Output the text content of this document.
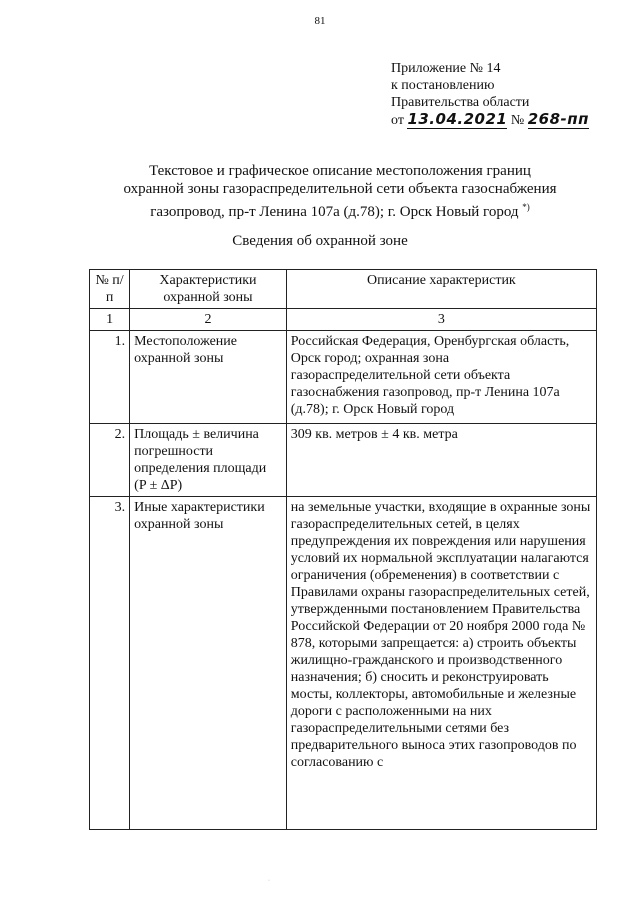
81
Приложение № 14
к постановлению
Правительства области
от 13.04.2021 № 268-пп
Текстовое и графическое описание местоположения границ
охранной зоны газораспределительной сети объекта газоснабжения
газопровод, пр-т Ленина 107а (д.78); г. Орск Новый город *)
Сведения об охранной зоне
№ п/п	Характеристики охранной зоны	Описание характеристик
1	2	3
1.	Местоположение охранной зоны	Российская Федерация, Оренбургская область, Орск город; охранная зона газораспределительной сети объекта газоснабжения газопровод, пр-т Ленина 107а (д.78); г. Орск Новый город
2.	Площадь ± величина погрешности определения площади (P ± ΔP)	309 кв. метров ± 4 кв. метра
3.	Иные характеристики охранной зоны	на земельные участки, входящие в охранные зоны газораспределительных сетей, в целях предупреждения их повреждения или нарушения условий их нормальной эксплуатации налагаются ограничения (обременения) в соответствии с Правилами охраны газораспределительных сетей, утвержденными постановлением Правительства Российской Федерации от 20 ноября 2000 года № 878, которыми запрещается: а) строить объекты жилищно-гражданского и производственного назначения; б) сносить и реконструировать мосты, коллекторы, автомобильные и железные дороги с расположенными на них газораспределительными сетями без предварительного выноса этих газопроводов по согласованию с
·
